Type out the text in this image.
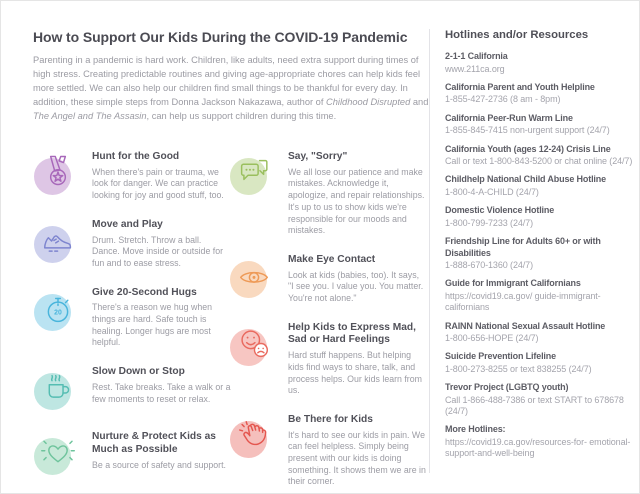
How to Support Our Kids During the COVID-19 Pandemic

Parenting in a pandemic is hard work. Children, like adults, need extra support during times of high stress. Creating predictable routines and giving age-appropriate chores can help kids feel more settled. We can also help our children find small things to be thankful for every day. In addition, these simple steps from Donna Jackson Nakazawa, author of Childhood Disrupted and The Angel and The Assasin, can help us support children during this time.

Hunt for the Good

When there's pain or trauma, we look for danger. We can practice looking for joy and good stuff, too.

Move and Play

Drum. Stretch. Throw a ball. Dance. Move inside or outside for fun and to ease stress.

20
Give 20-Second Hugs

There's a reason we hug when things are hard. Safe touch is healing. Longer hugs are most helpful.

Slow Down or Stop

Rest. Take breaks. Take a walk or a few moments to reset or relax.

Nurture & Protect Kids as Much as Possible

Be a source of safety and support.

Say, "Sorry"

We all lose our patience and make mistakes. Acknowledge it, apologize, and repair relationships. It's up to us to show kids we're responsible for our moods and mistakes.

Make Eye Contact

Look at kids (babies, too). It says, "I see you. I value you. You matter. You're not alone."

Help Kids to Express Mad, Sad or Hard Feelings

Hard stuff happens. But helping kids find ways to share, talk, and process helps. Our kids learn from us.

Be There for Kids

It's hard to see our kids in pain. We can feel helpless. Simply being present with our kids is doing something. It shows them we are in their corner.

Hotlines and/or Resources
2-1-1 California
www.211ca.org
California Parent and Youth Helpline
1-855-427-2736 (8 am - 8pm)
California Peer-Run Warm Line
1-855-845-7415 non-urgent support (24/7)
California Youth (ages 12-24) Crisis Line
Call or text 1-800-843-5200 or chat online (24/7)
Childhelp National Child Abuse Hotline
1-800-4-A-CHILD (24/7)
Domestic Violence Hotline
1-800-799-7233 (24/7)
Friendship Line for Adults 60+ or with Disabilities
1-888-670-1360 (24/7)
Guide for Immigrant Californians
https://covid19.ca.gov/ guide-immigrant-californians
RAINN National Sexual Assault Hotline
1-800-656-HOPE (24/7)
Suicide Prevention Lifeline
1-800-273-8255 or text 838255 (24/7)
Trevor Project (LGBTQ youth)
Call 1-866-488-7386 or text START to 678678 (24/7)
More Hotlines:
https://covid19.ca.gov/resources-for- emotional-support-and-well-being
